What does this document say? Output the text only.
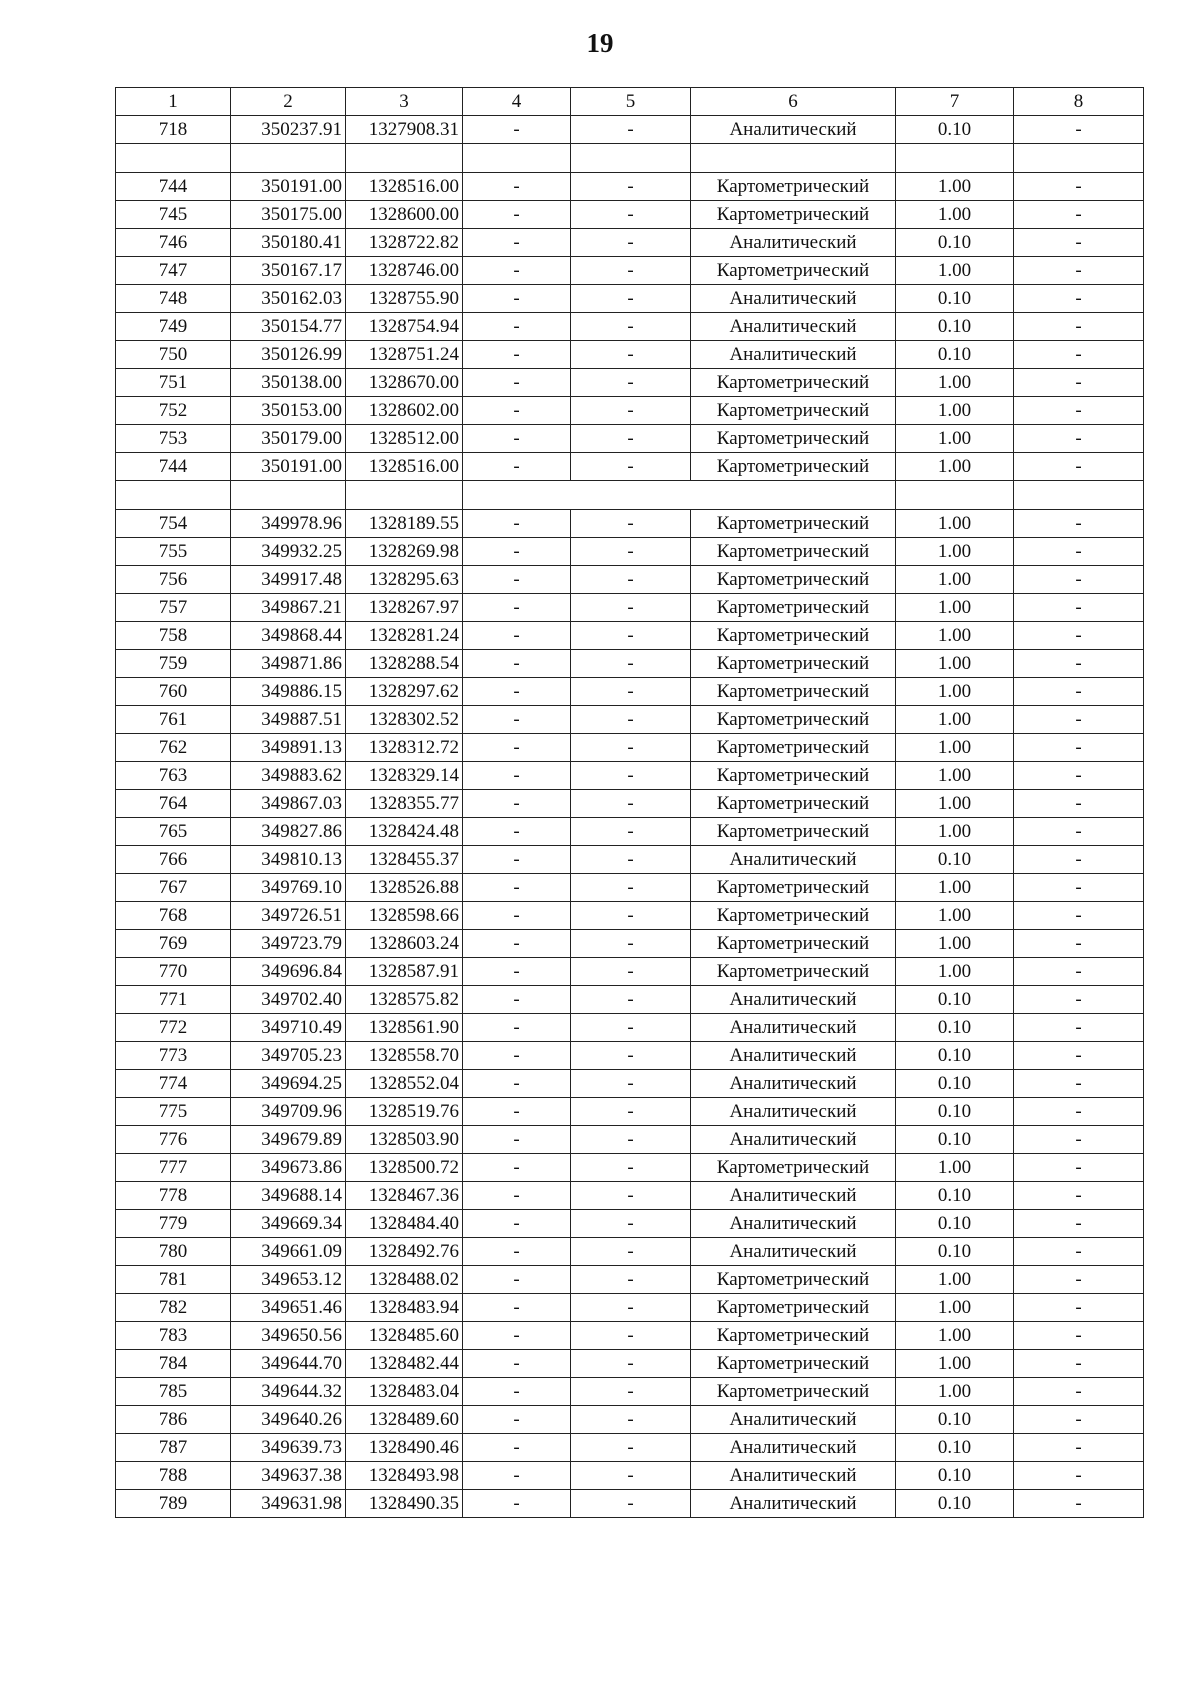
19
1	2	3	4	5	6	7	8
718	350237.91	1327908.31	-	-	Аналитический	0.10	-

744	350191.00	1328516.00	-	-	Картометрический	1.00	-
745	350175.00	1328600.00	-	-	Картометрический	1.00	-
746	350180.41	1328722.82	-	-	Аналитический	0.10	-
747	350167.17	1328746.00	-	-	Картометрический	1.00	-
748	350162.03	1328755.90	-	-	Аналитический	0.10	-
749	350154.77	1328754.94	-	-	Аналитический	0.10	-
750	350126.99	1328751.24	-	-	Аналитический	0.10	-
751	350138.00	1328670.00	-	-	Картометрический	1.00	-
752	350153.00	1328602.00	-	-	Картометрический	1.00	-
753	350179.00	1328512.00	-	-	Картометрический	1.00	-
744	350191.00	1328516.00	-	-	Картометрический	1.00	-

754	349978.96	1328189.55	-	-	Картометрический	1.00	-
755	349932.25	1328269.98	-	-	Картометрический	1.00	-
756	349917.48	1328295.63	-	-	Картометрический	1.00	-
757	349867.21	1328267.97	-	-	Картометрический	1.00	-
758	349868.44	1328281.24	-	-	Картометрический	1.00	-
759	349871.86	1328288.54	-	-	Картометрический	1.00	-
760	349886.15	1328297.62	-	-	Картометрический	1.00	-
761	349887.51	1328302.52	-	-	Картометрический	1.00	-
762	349891.13	1328312.72	-	-	Картометрический	1.00	-
763	349883.62	1328329.14	-	-	Картометрический	1.00	-
764	349867.03	1328355.77	-	-	Картометрический	1.00	-
765	349827.86	1328424.48	-	-	Картометрический	1.00	-
766	349810.13	1328455.37	-	-	Аналитический	0.10	-
767	349769.10	1328526.88	-	-	Картометрический	1.00	-
768	349726.51	1328598.66	-	-	Картометрический	1.00	-
769	349723.79	1328603.24	-	-	Картометрический	1.00	-
770	349696.84	1328587.91	-	-	Картометрический	1.00	-
771	349702.40	1328575.82	-	-	Аналитический	0.10	-
772	349710.49	1328561.90	-	-	Аналитический	0.10	-
773	349705.23	1328558.70	-	-	Аналитический	0.10	-
774	349694.25	1328552.04	-	-	Аналитический	0.10	-
775	349709.96	1328519.76	-	-	Аналитический	0.10	-
776	349679.89	1328503.90	-	-	Аналитический	0.10	-
777	349673.86	1328500.72	-	-	Картометрический	1.00	-
778	349688.14	1328467.36	-	-	Аналитический	0.10	-
779	349669.34	1328484.40	-	-	Аналитический	0.10	-
780	349661.09	1328492.76	-	-	Аналитический	0.10	-
781	349653.12	1328488.02	-	-	Картометрический	1.00	-
782	349651.46	1328483.94	-	-	Картометрический	1.00	-
783	349650.56	1328485.60	-	-	Картометрический	1.00	-
784	349644.70	1328482.44	-	-	Картометрический	1.00	-
785	349644.32	1328483.04	-	-	Картометрический	1.00	-
786	349640.26	1328489.60	-	-	Аналитический	0.10	-
787	349639.73	1328490.46	-	-	Аналитический	0.10	-
788	349637.38	1328493.98	-	-	Аналитический	0.10	-
789	349631.98	1328490.35	-	-	Аналитический	0.10	-
